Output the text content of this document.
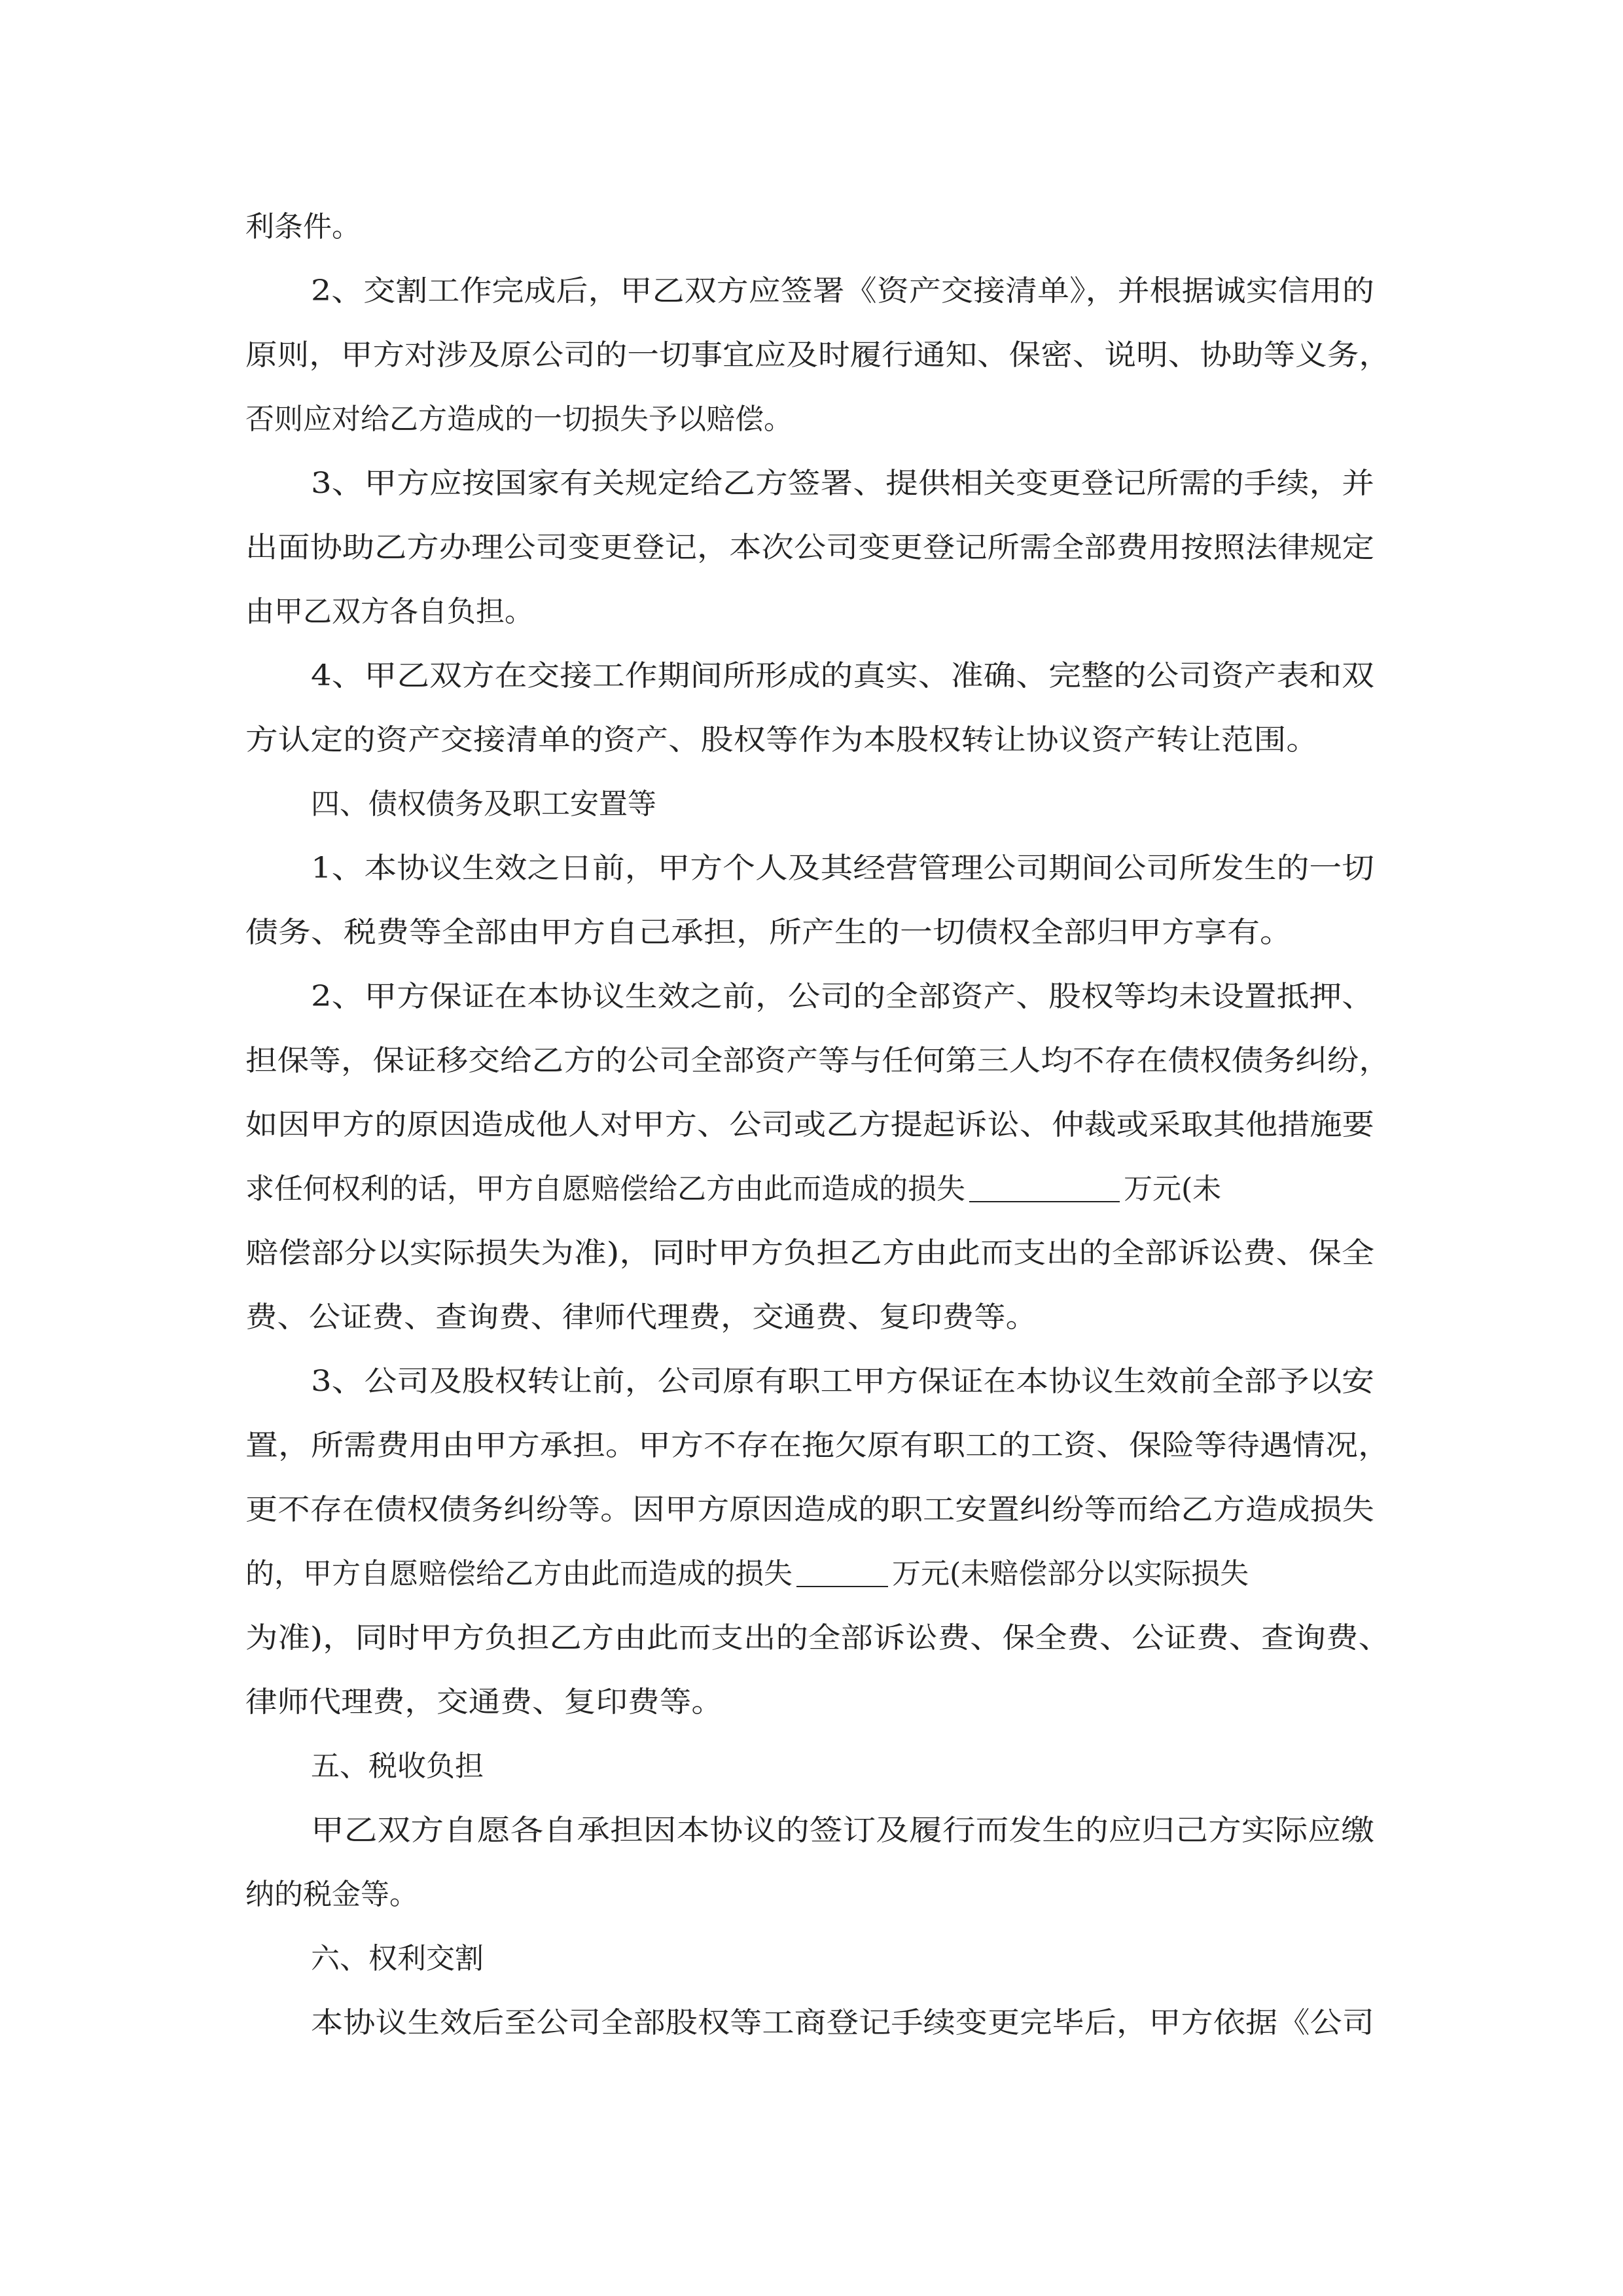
利条件。
2、交割工作完成后，甲乙双方应签署《资产交接清单》，并根据诚实信用的
原则，甲方对涉及原公司的一切事宜应及时履行通知、保密、说明、协助等义务，
否则应对给乙方造成的一切损失予以赔偿。
3、甲方应按国家有关规定给乙方签署、提供相关变更登记所需的手续，并
出面协助乙方办理公司变更登记，本次公司变更登记所需全部费用按照法律规定
由甲乙双方各自负担。
4、甲乙双方在交接工作期间所形成的真实、准确、完整的公司资产表和双
方认定的资产交接清单的资产、股权等作为本股权转让协议资产转让范围。
四、债权债务及职工安置等
1、本协议生效之日前，甲方个人及其经营管理公司期间公司所发生的一切
债务、税费等全部由甲方自己承担，所产生的一切债权全部归甲方享有。
2、甲方保证在本协议生效之前，公司的全部资产、股权等均未设置抵押、
担保等，保证移交给乙方的公司全部资产等与任何第三人均不存在债权债务纠纷，
如因甲方的原因造成他人对甲方、公司或乙方提起诉讼、仲裁或采取其他措施要
求任何权利的话，甲方自愿赔偿给乙方由此而造成的损失	万元(未
赔偿部分以实际损失为准)，同时甲方负担乙方由此而支出的全部诉讼费、保全
费、公证费、查询费、律师代理费，交通费、复印费等。
3、公司及股权转让前，公司原有职工甲方保证在本协议生效前全部予以安
置，所需费用由甲方承担。甲方不存在拖欠原有职工的工资、保险等待遇情况，
更不存在债权债务纠纷等。因甲方原因造成的职工安置纠纷等而给乙方造成损失
的，甲方自愿赔偿给乙方由此而造成的损失	万元(未赔偿部分以实际损失
为准)，同时甲方负担乙方由此而支出的全部诉讼费、保全费、公证费、查询费、
律师代理费，交通费、复印费等。
五、税收负担
甲乙双方自愿各自承担因本协议的签订及履行而发生的应归己方实际应缴
纳的税金等。
六、权利交割
本协议生效后至公司全部股权等工商登记手续变更完毕后，甲方依据《公司
